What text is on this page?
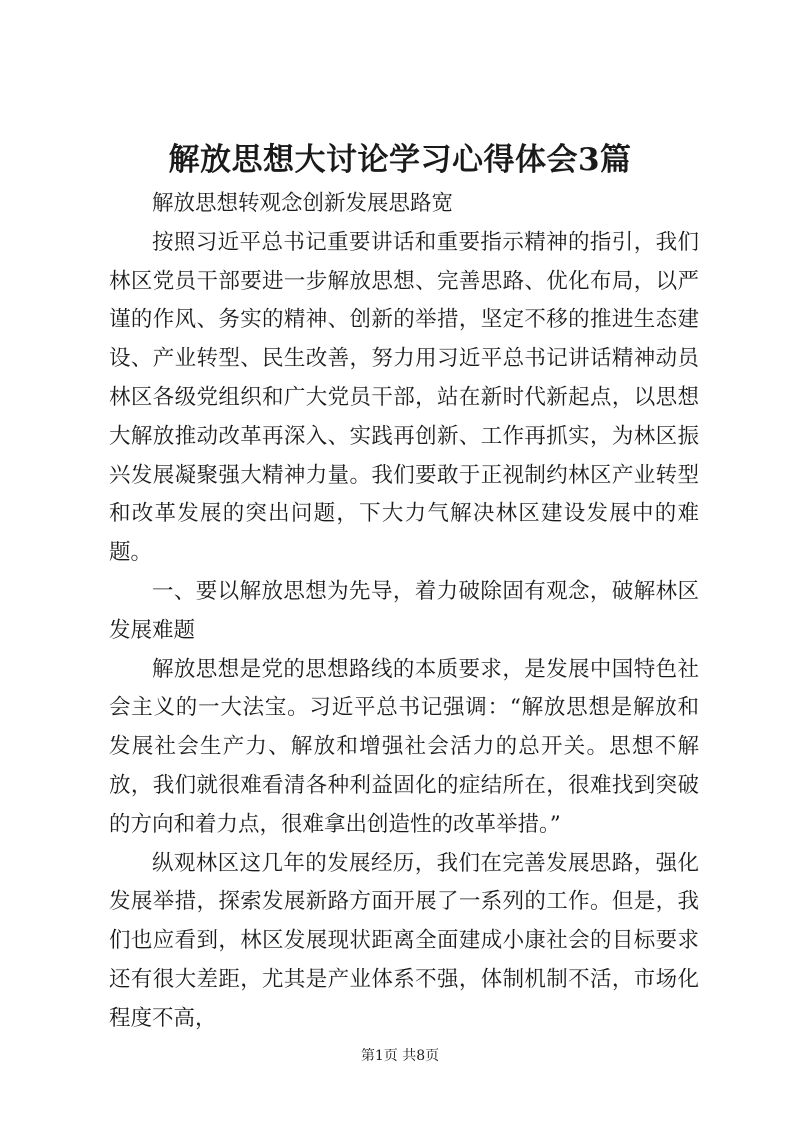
解放思想大讨论学习心得体会3篇

解放思想转观念创新发展思路宽

按照习近平总书记重要讲话和重要指示精神的指引，我们林区党员干部要进一步解放思想、完善思路、优化布局，以严谨的作风、务实的精神、创新的举措，坚定不移的推进生态建设、产业转型、民生改善，努力用习近平总书记讲话精神动员林区各级党组织和广大党员干部，站在新时代新起点，以思想大解放推动改革再深入、实践再创新、工作再抓实，为林区振兴发展凝聚强大精神力量。我们要敢于正视制约林区产业转型和改革发展的突出问题，下大力气解决林区建设发展中的难题。

一、要以解放思想为先导，着力破除固有观念，破解林区发展难题

解放思想是党的思想路线的本质要求，是发展中国特色社会主义的一大法宝。习近平总书记强调：“解放思想是解放和发展社会生产力、解放和增强社会活力的总开关。思想不解放，我们就很难看清各种利益固化的症结所在，很难找到突破的方向和着力点，很难拿出创造性的改革举措。”

纵观林区这几年的发展经历，我们在完善发展思路，强化发展举措，探索发展新路方面开展了一系列的工作。但是，我们也应看到，林区发展现状距离全面建成小康社会的目标要求还有很大差距，尤其是产业体系不强，体制机制不活，市场化程度不高，

第1页 共8页
